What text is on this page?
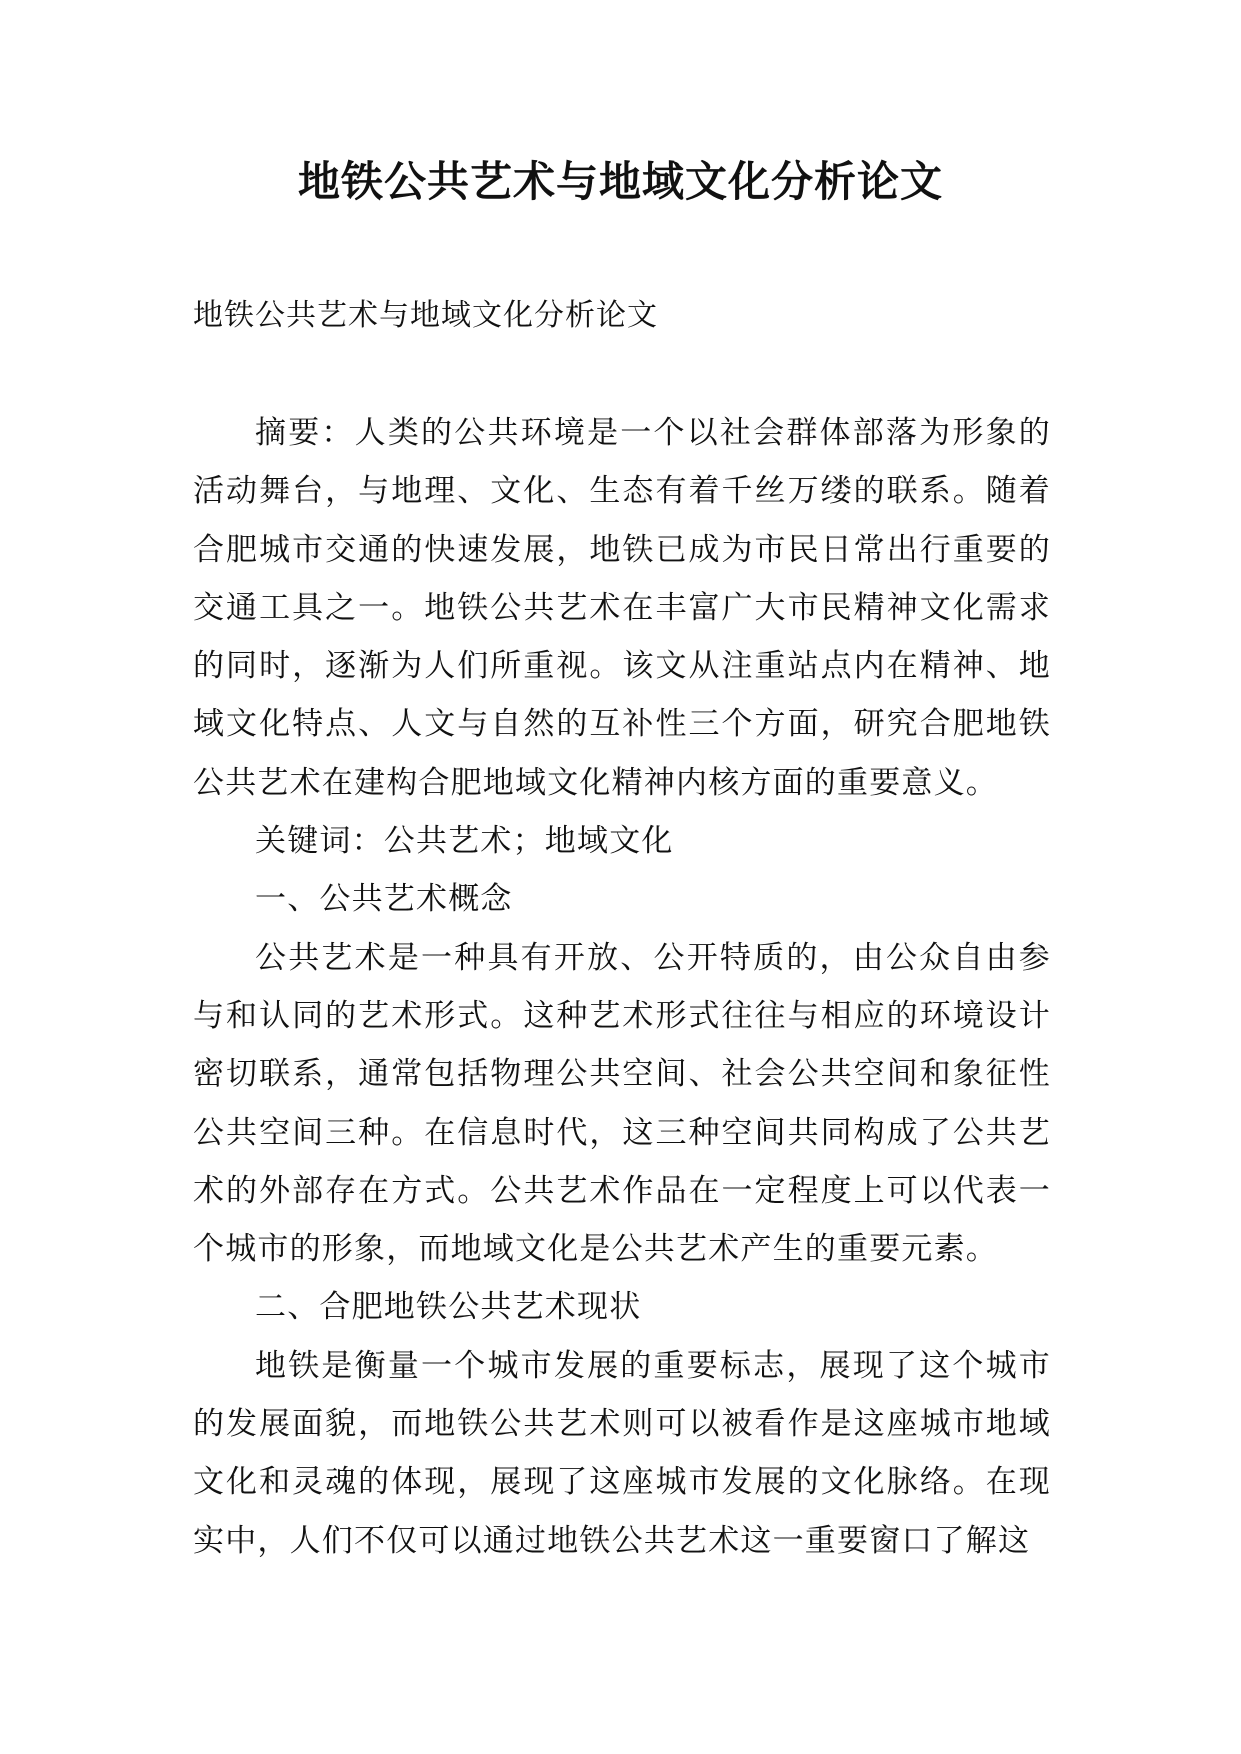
地铁公共艺术与地域文化分析论文
地铁公共艺术与地域文化分析论文

摘要：人类的公共环境是一个以社会群体部落为形象的活动舞台，与地理、文化、生态有着千丝万缕的联系。随着合肥城市交通的快速发展，地铁已成为市民日常出行重要的交通工具之一。地铁公共艺术在丰富广大市民精神文化需求的同时，逐渐为人们所重视。该文从注重站点内在精神、地域文化特点、人文与自然的互补性三个方面，研究合肥地铁公共艺术在建构合肥地域文化精神内核方面的重要意义。

关键词：公共艺术；地域文化

一、公共艺术概念

公共艺术是一种具有开放、公开特质的，由公众自由参与和认同的艺术形式。这种艺术形式往往与相应的环境设计密切联系，通常包括物理公共空间、社会公共空间和象征性公共空间三种。在信息时代，这三种空间共同构成了公共艺术的外部存在方式。公共艺术作品在一定程度上可以代表一个城市的形象，而地域文化是公共艺术产生的重要元素。

二、合肥地铁公共艺术现状

地铁是衡量一个城市发展的重要标志，展现了这个城市的发展面貌，而地铁公共艺术则可以被看作是这座城市地域文化和灵魂的体现，展现了这座城市发展的文化脉络。在现实中，人们不仅可以通过地铁公共艺术这一重要窗口了解这
